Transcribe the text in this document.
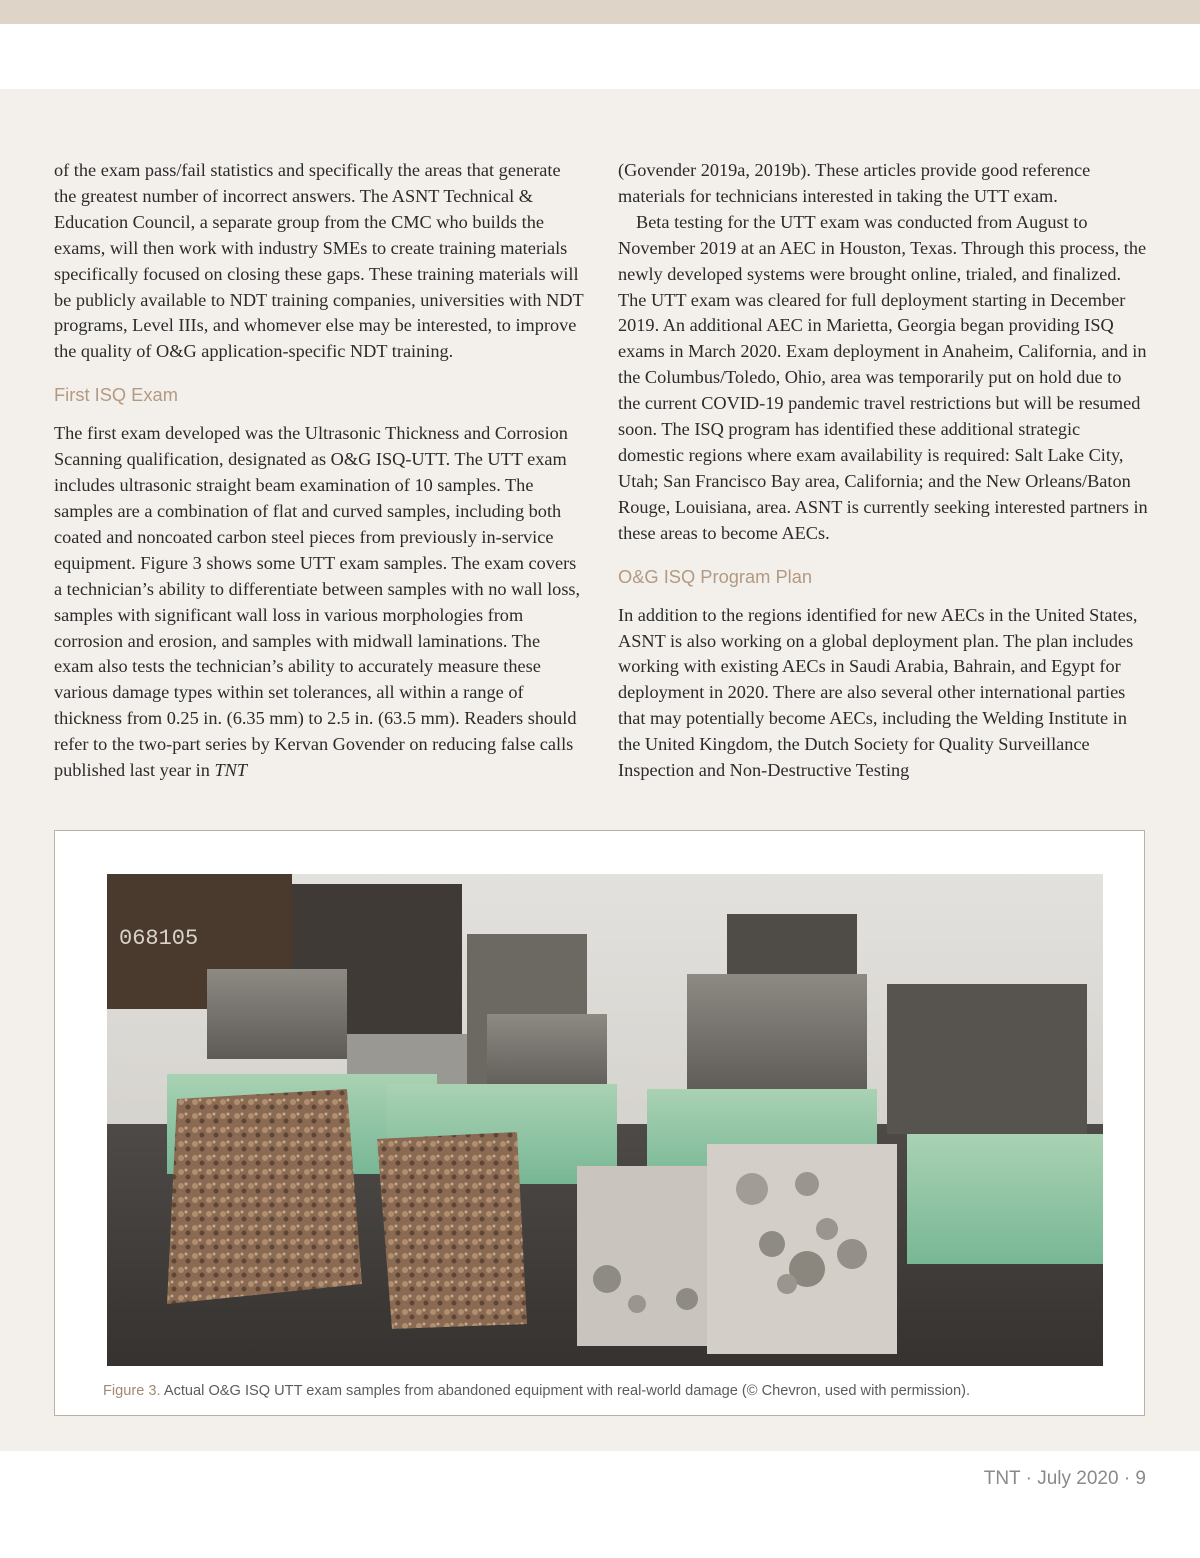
of the exam pass/fail statistics and specifically the areas that generate the greatest number of incorrect answers. The ASNT Technical & Education Council, a separate group from the CMC who builds the exams, will then work with industry SMEs to create training materials specifically focused on closing these gaps. These training materials will be publicly available to NDT training companies, universities with NDT programs, Level IIIs, and whomever else may be interested, to improve the quality of O&G application-specific NDT training.

First ISQ Exam

The first exam developed was the Ultrasonic Thickness and Corrosion Scanning qualification, designated as O&G ISQ-UTT. The UTT exam includes ultrasonic straight beam examination of 10 samples. The samples are a combination of flat and curved samples, including both coated and noncoated carbon steel pieces from previously in-service equipment. Figure 3 shows some UTT exam samples. The exam covers a technician’s ability to differentiate between samples with no wall loss, samples with significant wall loss in various morphologies from corrosion and erosion, and samples with midwall laminations. The exam also tests the technician’s ability to accurately measure these various damage types within set tolerances, all within a range of thickness from 0.25 in. (6.35 mm) to 2.5 in. (63.5 mm). Readers should refer to the two-part series by Kervan Govender on reducing false calls published last year in TNT

(Govender 2019a, 2019b). These articles provide good reference materials for technicians interested in taking the UTT exam.

Beta testing for the UTT exam was conducted from August to November 2019 at an AEC in Houston, Texas. Through this process, the newly developed systems were brought online, trialed, and finalized. The UTT exam was cleared for full deployment starting in December 2019. An additional AEC in Marietta, Georgia began providing ISQ exams in March 2020. Exam deployment in Anaheim, California, and in the Columbus/Toledo, Ohio, area was temporarily put on hold due to the current COVID-19 pandemic travel restrictions but will be resumed soon. The ISQ program has identified these additional strategic domestic regions where exam availability is required: Salt Lake City, Utah; San Francisco Bay area, California; and the New Orleans/Baton Rouge, Louisiana, area. ASNT is currently seeking interested partners in these areas to become AECs.

O&G ISQ Program Plan

In addition to the regions identified for new AECs in the United States, ASNT is also working on a global deployment plan. The plan includes working with existing AECs in Saudi Arabia, Bahrain, and Egypt for deployment in 2020. There are also several other international parties that may potentially become AECs, including the Welding Institute in the United Kingdom, the Dutch Society for Quality Surveillance Inspection and Non-Destructive Testing

068105
Figure 3. Actual O&G ISQ UTT exam samples from abandoned equipment with real-world damage (© Chevron, used with permission).
TNT · July 2020 · 9
